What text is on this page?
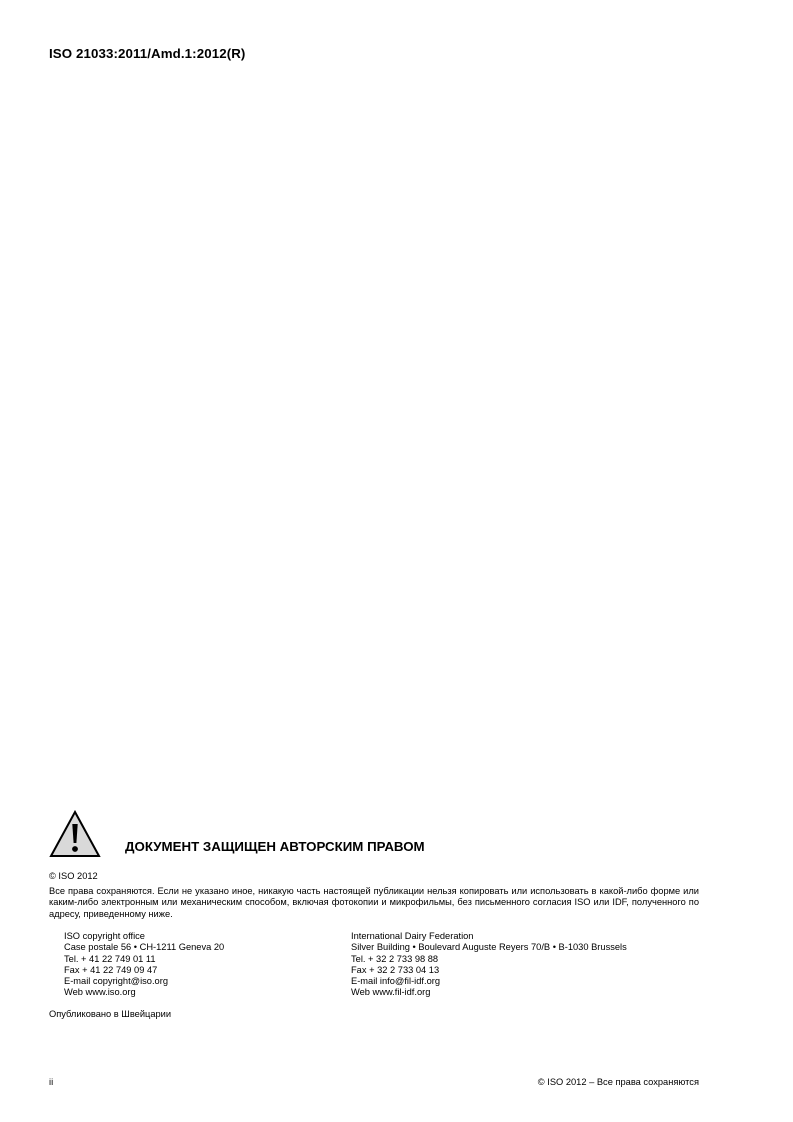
ISO 21033:2011/Amd.1:2012(R)
ДОКУМЕНТ ЗАЩИЩЕН АВТОРСКИМ ПРАВОМ
© ISO 2012
Все права сохраняются. Если не указано иное, никакую часть настоящей публикации нельзя копировать или использовать в какой-либо форме или каким-либо электронным или механическим способом, включая фотокопии и микрофильмы, без письменного согласия ISO или IDF, полученного по адресу, приведенному ниже.
ISO copyright office
Case postale 56 • CH-1211 Geneva 20
Tel. + 41 22 749 01 11
Fax + 41 22 749 09 47
E-mail copyright@iso.org
Web www.iso.org
International Dairy Federation
Silver Building • Boulevard Auguste Reyers 70/B • B-1030 Brussels
Tel. + 32 2 733 98 88
Fax + 32 2 733 04 13
E-mail info@fil-idf.org
Web www.fil-idf.org
Опубликовано в Швейцарии
ii	© ISO 2012 – Все права сохраняются
